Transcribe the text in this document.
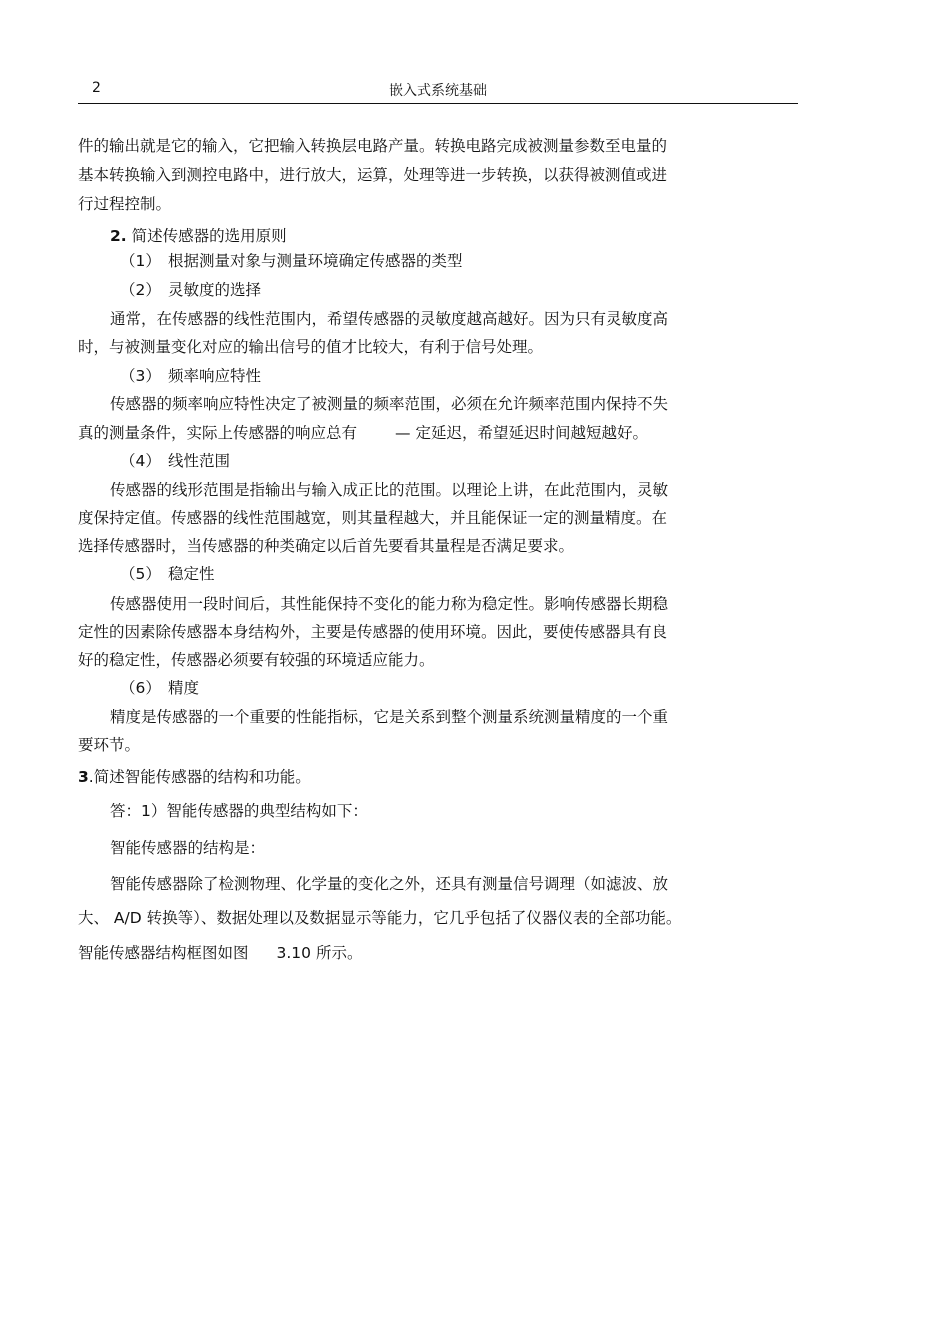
2	嵌入式系统基础
件的输出就是它的输入，它把输入转换层电路产量。转换电路完成被测量参数至电量的
基本转换输入到测控电路中，进行放大，运算，处理等进一步转换，以获得被测值或进
行过程控制。
2. 简述传感器的选用原则
（1） 根据测量对象与测量环境确定传感器的类型
（2） 灵敏度的选择
通常，在传感器的线性范围内，希望传感器的灵敏度越高越好。因为只有灵敏度高
时，与被测量变化对应的输出信号的值才比较大，有利于信号处理。
（3） 频率响应特性
传感器的频率响应特性决定了被测量的频率范围，必须在允许频率范围内保持不失
真的测量条件，实际上传感器的响应总有 — 定延迟，希望延迟时间越短越好。
（4） 线性范围
传感器的线形范围是指输出与输入成正比的范围。以理论上讲，在此范围内，灵敏
度保持定值。传感器的线性范围越宽，则其量程越大，并且能保证一定的测量精度。在
选择传感器时，当传感器的种类确定以后首先要看其量程是否满足要求。
（5） 稳定性
传感器使用一段时间后，其性能保持不变化的能力称为稳定性。影响传感器长期稳
定性的因素除传感器本身结构外，主要是传感器的使用环境。因此，要使传感器具有良
好的稳定性，传感器必须要有较强的环境适应能力。
（6） 精度
精度是传感器的一个重要的性能指标，它是关系到整个测量系统测量精度的一个重
要环节。
3.简述智能传感器的结构和功能。
答：1）智能传感器的典型结构如下：
智能传感器的结构是：
智能传感器除了检测物理、化学量的变化之外，还具有测量信号调理（如滤波、放
大、 A/D 转换等）、数据处理以及数据显示等能力，它几乎包括了仪器仪表的全部功能。
智能传感器结构框图如图 3.10 所示。
